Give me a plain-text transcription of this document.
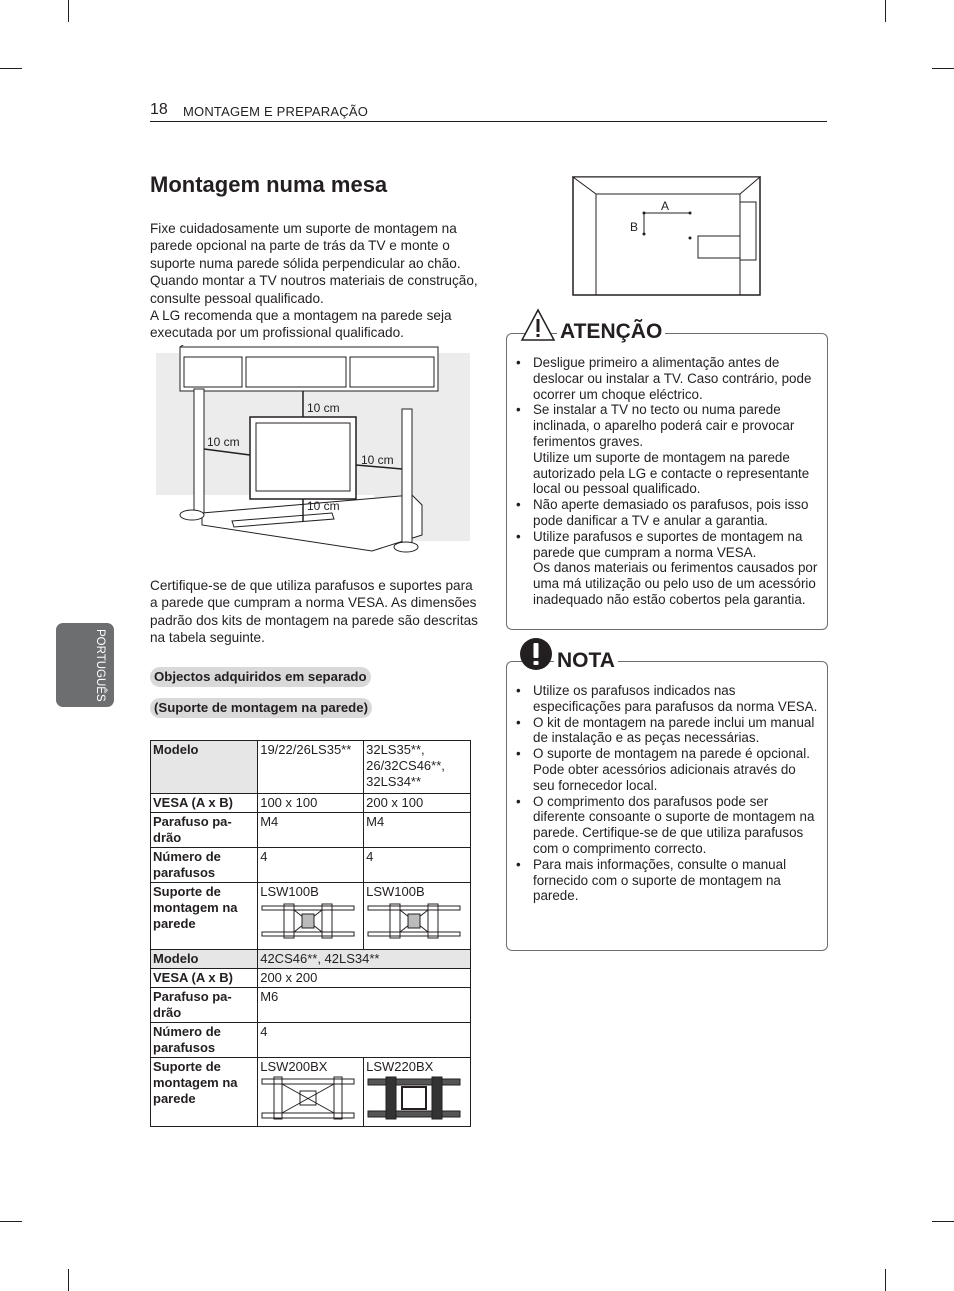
18 MONTAGEM E PREPARAÇÃO
PORTUGUÊS
Montagem numa mesa

Fixe cuidadosamente um suporte de montagem na parede opcional na parte de trás da TV e monte o suporte numa parede sólida perpendicular ao chão. Quando montar a TV noutros materiais de construção, consulte pessoal qualificado.

A LG recomenda que a montagem na parede seja executada por um profissional qualificado.

10 cm
10 cm
10 cm
10 cm
Certifique-se de que utiliza parafusos e suportes para a parede que cumpram a norma VESA. As dimensões padrão dos kits de montagem na parede são descritas na tabela seguinte.
Objectos adquiridos em separado
(Suporte de montagem na parede)
Modelo	19/22/26LS35**	32LS35**, 26/32CS46**, 32LS34**
VESA (A x B)	100 x 100	200 x 100
Parafuso pa-drão	M4	M4
Número de parafusos	4	4
Suporte de montagem na parede	LSW100B	LSW100B

Modelo	42CS46**, 42LS34**	
VESA (A x B)	200 x 200	
Parafuso pa-drão	M6	
Número de parafusos	4	
Suporte de montagem na parede	LSW200BX	LSW220BX
A
B
• Desligue primeiro a alimentação antes de deslocar ou instalar a TV. Caso contrário, pode ocorrer um choque eléctrico.
• Se instalar a TV no tecto ou numa parede inclinada, o aparelho poderá cair e provocar ferimentos graves.
Utilize um suporte de montagem na parede autorizado pela LG e contacte o representante local ou pessoal qualificado.
• Não aperte demasiado os parafusos, pois isso pode danificar a TV e anular a garantia.
• Utilize parafusos e suportes de montagem na parede que cumpram a norma VESA.
Os danos materiais ou ferimentos causados por uma má utilização ou pelo uso de um acessório inadequado não estão cobertos pela garantia.
ATENÇÃO
• Utilize os parafusos indicados nas especificações para parafusos da norma VESA.
• O kit de montagem na parede inclui um manual de instalação e as peças necessárias.
• O suporte de montagem na parede é opcional. Pode obter acessórios adicionais através do seu fornecedor local.
• O comprimento dos parafusos pode ser diferente consoante o suporte de montagem na parede. Certifique-se de que utiliza parafusos com o comprimento correcto.
• Para mais informações, consulte o manual fornecido com o suporte de montagem na parede.
NOTA
